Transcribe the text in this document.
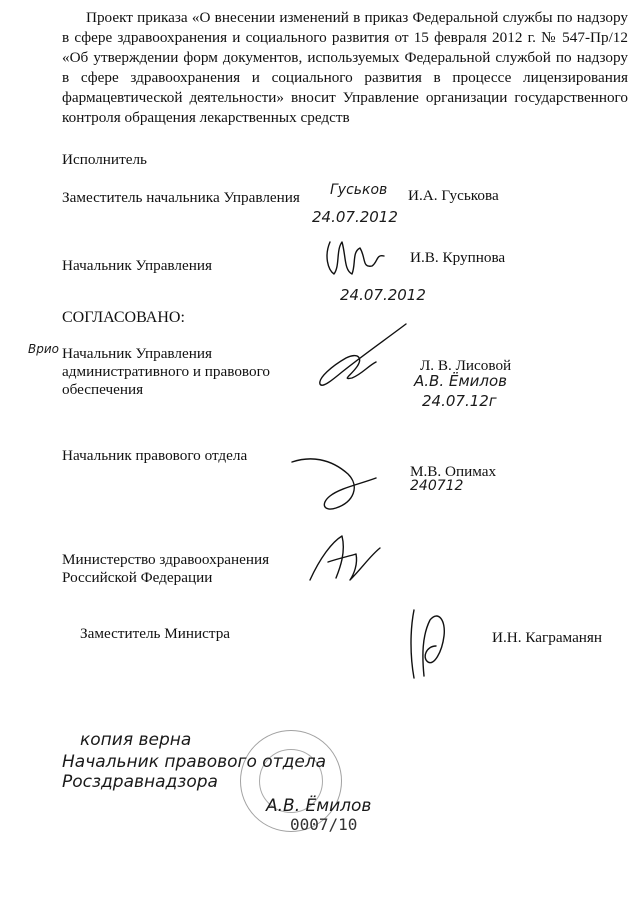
Проект приказа «О внесении изменений в приказ Федеральной службы по надзору в сфере здравоохранения и социального развития от 15 февраля 2012 г. № 547-Пр/12 «Об утверждении форм документов, используемых Федеральной службой по надзору в сфере здравоохранения и социального развития в процессе лицензирования фармацевтической деятельности» вносит Управление организации государственного контроля обращения лекарственных средств

Исполнитель

Заместитель начальника Управления Гуськов И.А. Гуськова

24.07.2012

Начальник Управления	И.В. Крупнова

24.07.2012

СОГЛАСОВАНО:

Врио Начальник Управления

административного и правового

обеспечения

Л. В. Лисовой

А.В. Ёмилов
24.07.12г

Начальник правового отдела

М.В. Опимах

240712

Министерство здравоохранения

Российской Федерации

Заместитель Министра	И.Н. Каграманян

копия верна
Начальник правового отдела
Росздравнадзора
А.В. Ёмилов
0007/10
